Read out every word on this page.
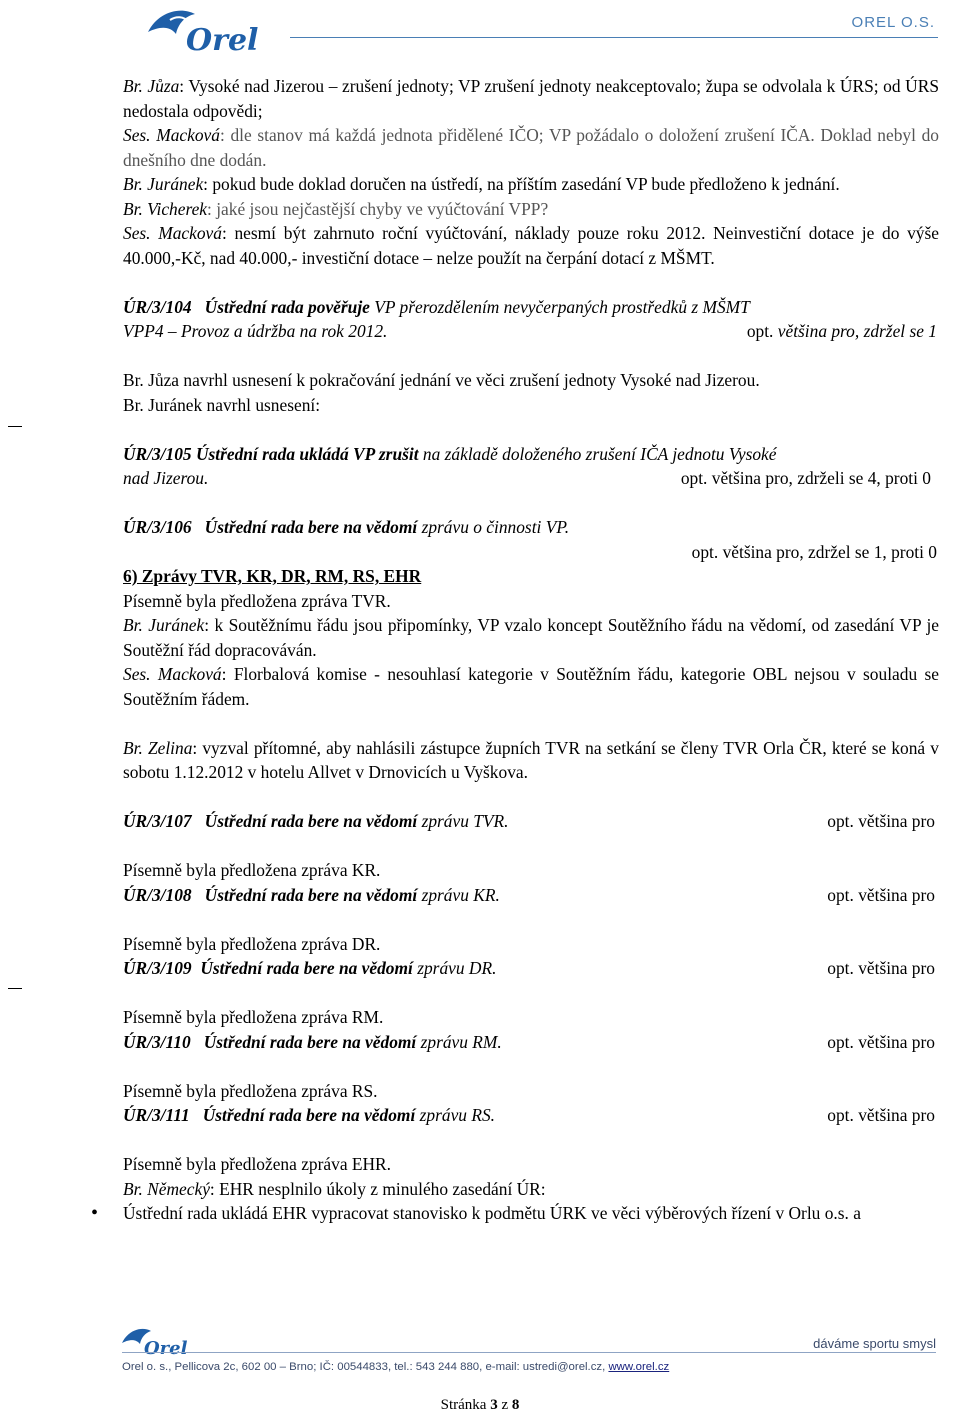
Orel
OREL O.S.

Br. Jůza: Vysoké nad Jizerou – zrušení jednoty; VP zrušení jednoty neakceptovalo; župa se odvolala k ÚRS; od ÚRS nedostala odpovědi;

Ses. Macková: dle stanov má každá jednota přidělené IČO; VP požádalo o doložení zrušení IČA. Doklad nebyl do dnešního dne dodán.

Br. Juránek: pokud bude doklad doručen na ústředí, na příštím zasedání VP bude předloženo k jednání.

Br. Vicherek: jaké jsou nejčastější chyby ve vyúčtování VPP?

Ses. Macková: nesmí být zahrnuto roční vyúčtování, náklady pouze roku 2012. Neinvestiční dotace je do výše 40.000,-Kč, nad 40.000,- investiční dotace – nelze použít na čerpání dotací z MŠMT.

ÚR/3/104 Ústřední rada pověřuje VP přerozdělením nevyčerpaných prostředků z MŠMT

VPP4 – Provoz a údržba na rok 2012.	opt. většina pro, zdržel se 1

Br. Jůza navrhl usnesení k pokračování jednání ve věci zrušení jednoty Vysoké nad Jizerou.

Br. Juránek navrhl usnesení:

ÚR/3/105 Ústřední rada ukládá VP zrušit na základě doloženého zrušení IČA jednotu Vysoké

nad Jizerou.	opt. většina pro, zdrželi se 4, proti 0

ÚR/3/106 Ústřední rada bere na vědomí zprávu o činnosti VP.

opt. většina pro, zdržel se 1, proti 0

6) Zprávy TVR, KR, DR, RM, RS, EHR

Písemně byla předložena zpráva TVR.

Br. Juránek: k Soutěžnímu řádu jsou připomínky, VP vzalo koncept Soutěžního řádu na vědomí, od zasedání VP je Soutěžní řád dopracováván.

Ses. Macková: Florbalová komise - nesouhlasí kategorie v Soutěžním řádu, kategorie OBL nejsou v souladu se Soutěžním řádem.

Br. Zelina: vyzval přítomné, aby nahlásili zástupce župních TVR na setkání se členy TVR Orla ČR, které se koná v sobotu 1.12.2012 v hotelu Allvet v Drnovicích u Vyškova.

ÚR/3/107 Ústřední rada bere na vědomí zprávu TVR.	opt. většina pro

Písemně byla předložena zpráva KR.

ÚR/3/108 Ústřední rada bere na vědomí zprávu KR.	opt. většina pro

Písemně byla předložena zpráva DR.

ÚR/3/109 Ústřední rada bere na vědomí zprávu DR.	opt. většina pro

Písemně byla předložena zpráva RM.

ÚR/3/110 Ústřední rada bere na vědomí zprávu RM.	opt. většina pro

Písemně byla předložena zpráva RS.

ÚR/3/111 Ústřední rada bere na vědomí zprávu RS.	opt. většina pro

Písemně byla předložena zpráva EHR.

Br. Německý: EHR nesplnilo úkoly z minulého zasedání ÚR:

•	Ústřední rada ukládá EHR vypracovat stanovisko k podmětu ÚRK ve věci výběrových řízení v Orlu o.s. a
Orel	dáváme sportu smysl
Orel o. s., Pellicova 2c, 602 00 – Brno; IČ: 00544833, tel.: 543 244 880, e-mail: ustredi@orel.cz, www.orel.cz
Stránka 3 z 8
